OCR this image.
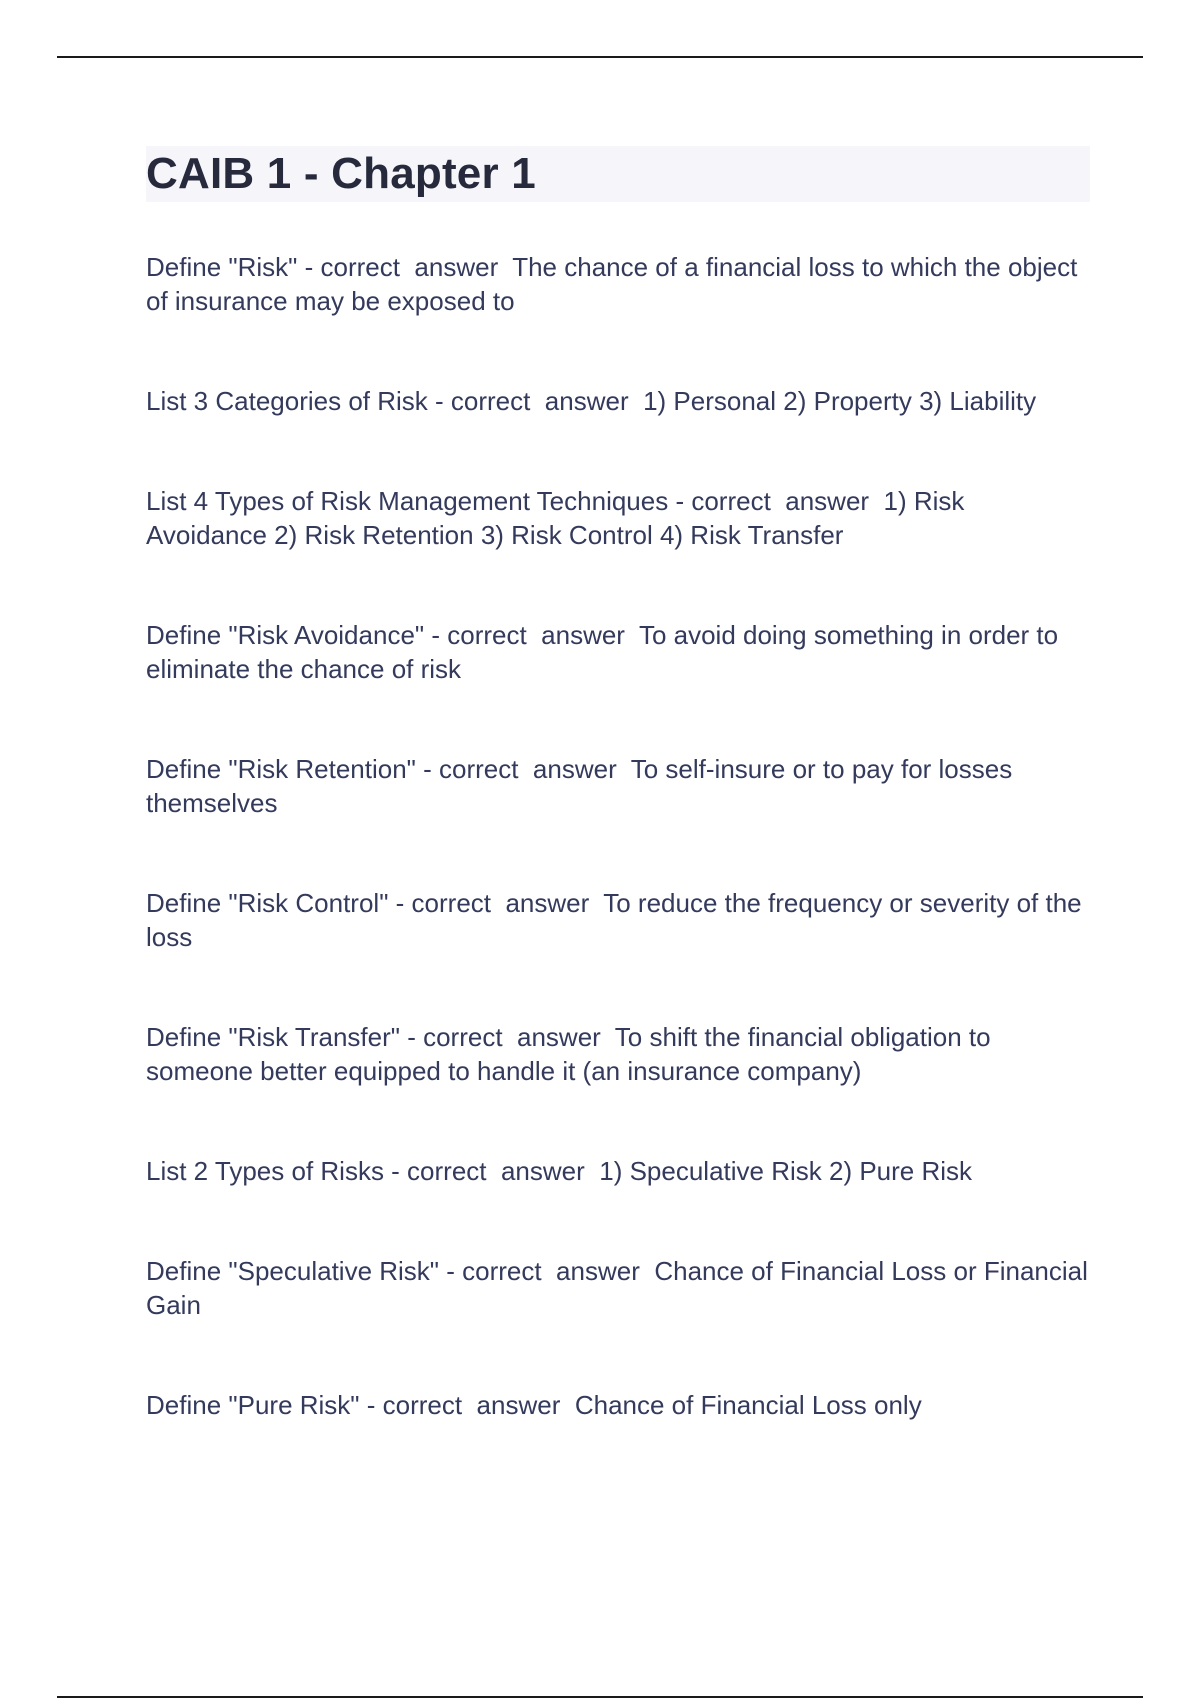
CAIB 1 - Chapter 1

Define "Risk" - correct  answer  The chance of a financial loss to which the object of insurance may be exposed to

List 3 Categories of Risk - correct  answer  1) Personal 2) Property 3) Liability

List 4 Types of Risk Management Techniques - correct  answer  1) Risk Avoidance 2) Risk Retention 3) Risk Control 4) Risk Transfer

Define "Risk Avoidance" - correct  answer  To avoid doing something in order to eliminate the chance of risk

Define "Risk Retention" - correct  answer  To self-insure or to pay for losses themselves

Define "Risk Control" - correct  answer  To reduce the frequency or severity of the loss

Define "Risk Transfer" - correct  answer  To shift the financial obligation to someone better equipped to handle it (an insurance company)

List 2 Types of Risks - correct  answer  1) Speculative Risk 2) Pure Risk

Define "Speculative Risk" - correct  answer  Chance of Financial Loss or Financial Gain

Define "Pure Risk" - correct  answer  Chance of Financial Loss only
